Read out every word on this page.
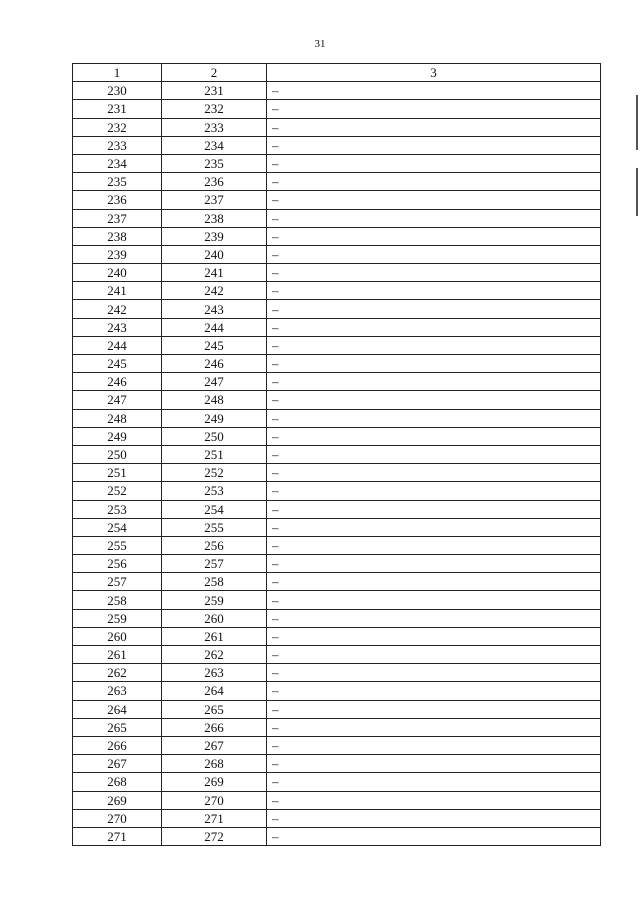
31
1	2	3
230	231	–
231	232	–
232	233	–
233	234	–
234	235	–
235	236	–
236	237	–
237	238	–
238	239	–
239	240	–
240	241	–
241	242	–
242	243	–
243	244	–
244	245	–
245	246	–
246	247	–
247	248	–
248	249	–
249	250	–
250	251	–
251	252	–
252	253	–
253	254	–
254	255	–
255	256	–
256	257	–
257	258	–
258	259	–
259	260	–
260	261	–
261	262	–
262	263	–
263	264	–
264	265	–
265	266	–
266	267	–
267	268	–
268	269	–
269	270	–
270	271	–
271	272	–
